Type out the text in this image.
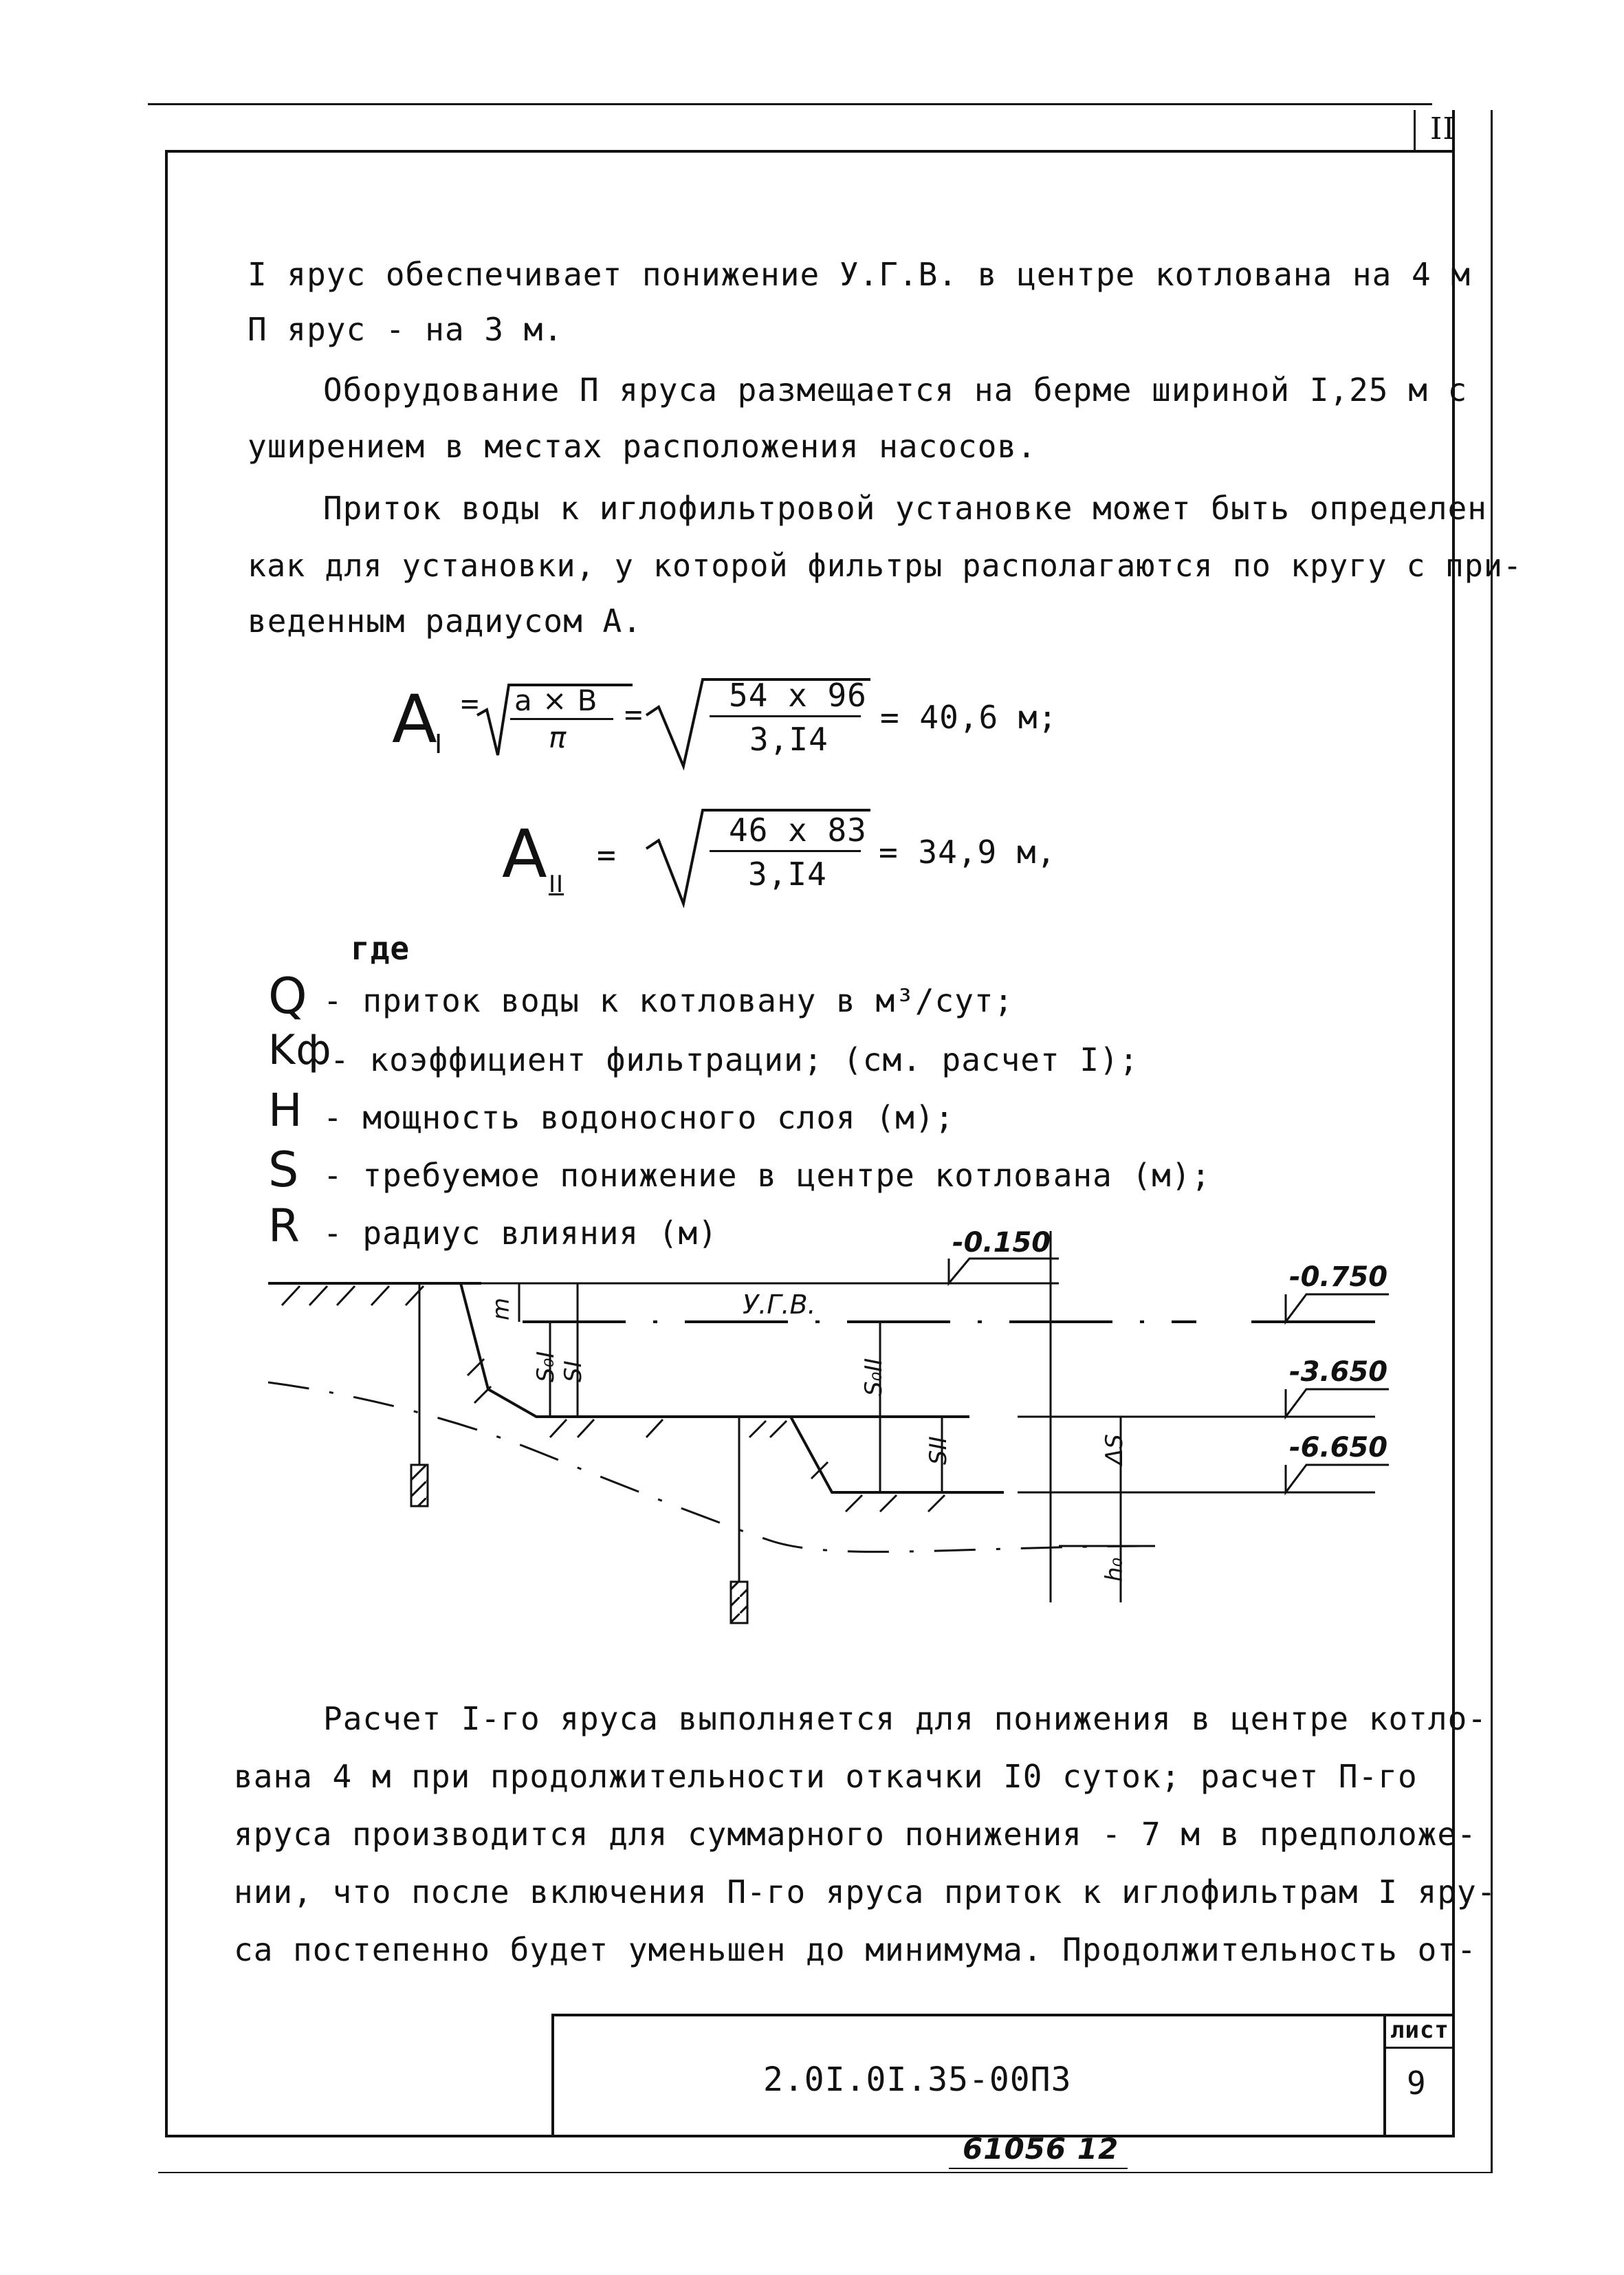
II
I ярус обеспечивает понижение У.Г.В. в центре котлована на 4 м
П ярус - на 3 м.
Оборудование П яруса размещается на берме шириной I,25 м с
уширением в местах расположения насосов.
Приток воды к иглофильтровой установке может быть определен
как для установки, у которой фильтры располагаются по кругу с при-
веденным радиусом А.
A
I
= a × B
π
=
54 x 96
3,I4
= 40,6 м;
A II
=
46 x 83
3,I4
= 34,9 м,
где
Q - приток воды к котловану в м³/сут;
Kф
- коэффициент фильтрации; (см. расчет I);
H - мощность водоносного слоя (м);
S - требуемое понижение в центре котлована (м);
R - радиус влияния (м)	-0.150
-0.750
-3.650
-6.650
У.Г.В.
m
S₀I SI	S₀II
SII	ΔS
h₀
Расчет I-го яруса выполняется для понижения в центре котло-
вана 4 м при продолжительности откачки I0 суток; расчет П-го
яруса производится для суммарного понижения - 7 м в предположе-
нии, что после включения П-го яруса приток к иглофильтрам I яру-
са постепенно будет уменьшен до минимума. Продолжительность от-
2.0I.0I.35-00ПЗ
лист
9
61056 12
